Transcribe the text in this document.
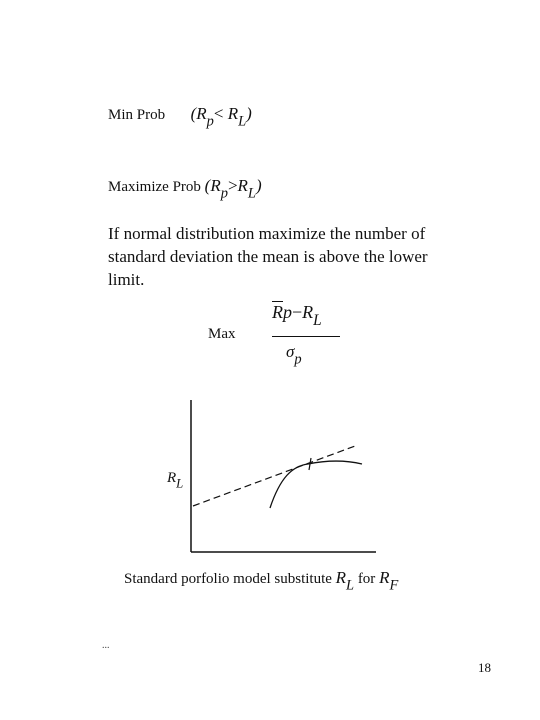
Min Prob $(R_p< R_L)$
Maximize Prob $(R_p>R_L)$
If normal distribution maximize the number of standard deviation the mean is above the lower limit.
Max
$\overline{R}p-R_L$
$\sigma_p$
$R_L$
Standard porfolio model substitute $R_L$ for $R_F$
...
18
